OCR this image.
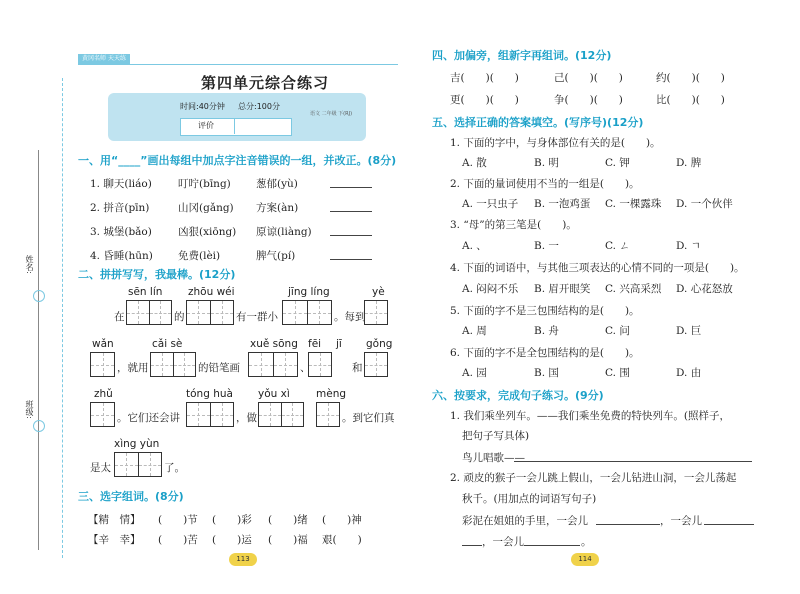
黄冈名师 天天练
班级:
姓名:
第四单元综合练习
时间:40分钟 总分:100分
语文 二年级 下(RJ)
评价
一、用“____”画出每组中加点字注音错误的一组，并改正。(8分)
1. 聊天(liáo) 叮咛(bīng) 葱郁(yù)
2. 拼音(pīn)	山冈(gǎng) 方案(àn)
3. 城堡(bǎo) 凶狠(xiōng) 原谅(liàng)
4. 昏睡(hūn) 免费(lèi)	脾气(pí)
二、拼拼写写，我最棒。(12分)
sēn lín zhōu wéi	jīng líng	yè
在	的	有一群小	。每到
wǎn	cǎi sè	xuě sōng fēi jī gǒng
，就用	的铅笔画	、	和
zhǔ	tóng huà yǒu xì mèng
。它们还会讲	，做	。到它们真
xìng yùn
是太	了。
三、选字组词。(8分)
【精　情】 (　　)节 (　　)彩 (　　)绪 (　　)神
【辛　幸】 (　　)苦 (　　)运 (　　)福 艰(　　)
113
四、加偏旁，组新字再组词。(12分)
吉(　　)(　　)	己(　　)(　　)	约(　　)(　　)
更(　　)(　　)	争(　　)(　　)	比(　　)(　　)
五、选择正确的答案填空。(写序号)(12分)
1. 下面的字中，与身体部位有关的是(　　)。
A. 散	B. 明	C. 钾	D. 脾
2. 下面的量词使用不当的一组是(　　)。
A. 一只虫子 B. 一泡鸡蛋 C. 一棵露珠 D. 一个伙伴
3. “母”的第三笔是(　　)。
A. 、	B. 一	C. ㄥ	D. ㄱ
4. 下面的词语中，与其他三项表达的心情不同的一项是(　　)。
A. 闷闷不乐 B. 眉开眼笑 C. 兴高采烈 D. 心花怒放
5. 下面的字不是三包围结构的是(　　)。
A. 周	B. 舟	C. 问	D. 巨
6. 下面的字不是全包围结构的是(　　)。
A. 园	B. 国	C. 围	D. 由
六、按要求，完成句子练习。(9分)
1. 我们乘坐列车。——我们乘坐免费的特快列车。(照样子，
把句子写具体)
鸟儿唱歌——
2. 顽皮的猴子一会儿跳上假山，一会儿钻进山洞，一会儿荡起
秋千。(用加点的词语写句子)
彩泥在姐姐的手里，一会儿	，一会儿
，一会儿	。
114
